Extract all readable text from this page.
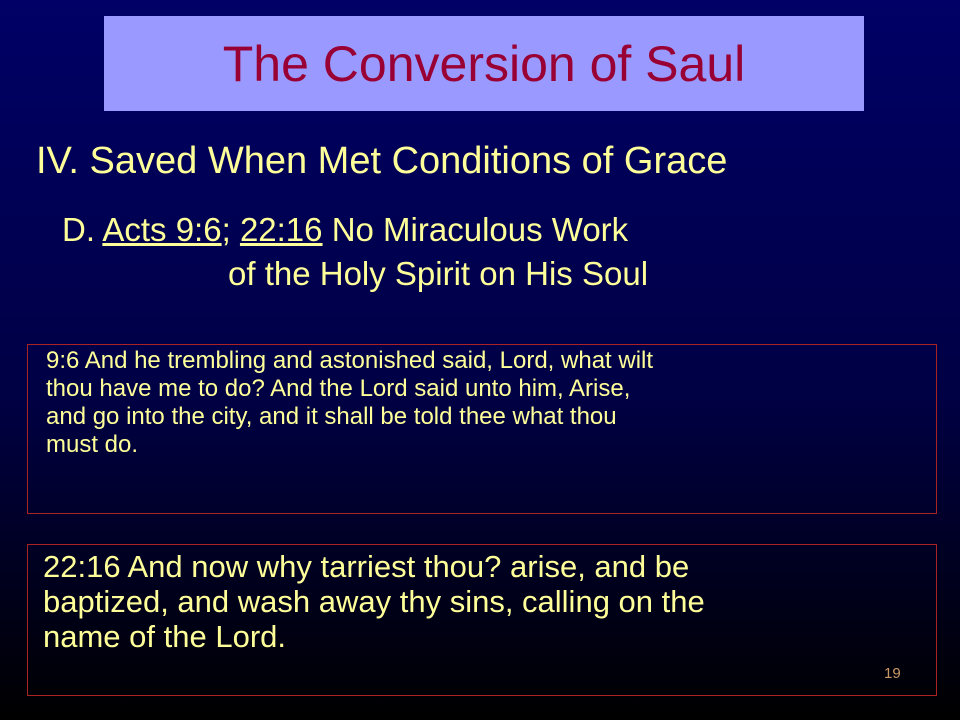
The Conversion of Saul
IV. Saved When Met Conditions of Grace
D. Acts 9:6; 22:16 No Miraculous Work
of the Holy Spirit on His Soul

9:6 And he trembling and astonished said, Lord, what wilt
thou have me to do? And the Lord said unto him, Arise,
and go into the city, and it shall be told thee what thou
must do.

22:16 And now why tarriest thou? arise, and be
baptized, and wash away thy sins, calling on the
name of the Lord.

19
